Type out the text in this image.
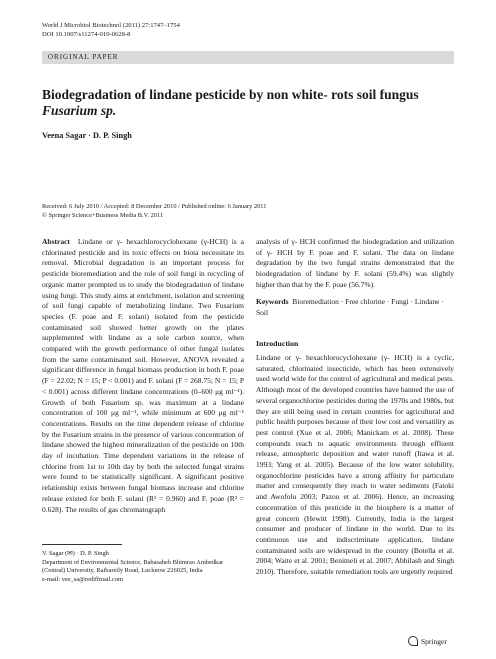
World J Microbiol Biotechnol (2011) 27:1747–1754
DOI 10.1007/s11274-010-0628-8
ORIGINAL PAPER
Biodegradation of lindane pesticide by non white- rots soil fungus
Fusarium sp.
Veena Sagar · D. P. Singh
Received: 6 July 2010 / Accepted: 8 December 2010 / Published online: 6 January 2011
© Springer Science+Business Media B.V. 2011

Abstract Lindane or γ- hexachlorocyclohexane (γ-HCH) is a chlorinated pesticide and its toxic effects on biota necessitate its removal. Microbial degradation is an important process for pesticide bioremediation and the role of soil fungi in recycling of organic matter prompted us to study the biodegradation of lindane using fungi. This study aims at enrichment, isolation and screening of soil fungi capable of metabolizing lindane. Two Fusarium species (F. poae and F. solani) isolated from the pesticide contaminated soil showed better growth on the plates supplemented with lindane as a sole carbon source, when compared with the growth performance of other fungal isolates from the same contaminated soil. However, ANOVA revealed a significant difference in fungal biomass production in both F. poae (F = 22.02; N = 15; P < 0.001) and F. solani (F = 268.75; N = 15; P < 0.001) across different lindane concentrations (0–600 μg ml⁻¹). Growth of both Fusarium sp. was maximum at a lindane concentration of 100 μg ml⁻¹, while minimum at 600 μg ml⁻¹ concentrations. Results on the time dependent release of chlorine by the Fusarium strains in the presence of various concentration of lindane showed the highest mineralization of the pesticide on 10th day of incubation. Time dependent variations in the release of chlorine from 1st to 10th day by both the selected fungal strains were found to be statistically significant. A significant positive relationship exists between fungal biomass increase and chlorine release existed for both F. solani (R² = 0.960) and F. poae (R² = 0.628). The results of gas chromatograph

V. Sagar (✉) · D. P. Singh
Department of Environmental Science, Babasaheb Bhimrao Ambedkar (Central) University, Raibareily Road, Lucknow 226025, India
e-mail: vee_sa@rediffmail.com
analysis of γ- HCH confirmed the biodegradation and utilization of γ- HCH by F. poae and F. solani. The data on lindane degradation by the two fungal strains demonstrated that the biodegradation of lindane by F. solani (59.4%) was slightly higher than that by the F. poae (56.7%).
Keywords Bioremediation · Free chlorine · Fungi · Lindane · Soil
Introduction
Lindane or γ- hexachlorocyclohexane (γ- HCH) is a cyclic, saturated, chlorinated insecticide, which has been extensively used world wide for the control of agricultural and medical pests. Although most of the developed countries have banned the use of several organochlorine pesticides during the 1970s and 1980s, but they are still being used in certain countries for agricultural and public health purposes because of their low cost and versatility as pest control (Xue et al. 2006; Manickam et al. 2008). These compounds reach to aquatic environments through effluent release, atmospheric deposition and water runoff (Itawa et al. 1993; Yang et al. 2005). Because of the low water solubility, organochlorine pesticides have a strong affinity for particulate matter and consequently they reach to water sediments (Fatoki and Awofolu 2003; Pazou et al. 2006). Hence, an increasing concentration of this pesticide in the biosphere is a matter of great concern (Hewitt 1998). Currently, India is the largest consumer and producer of lindane in the world. Due to its continuous use and indiscriminate application, lindane contaminated soils are widespread in the country (Botella et al. 2004; Waite et al. 2001; Benimeli et al. 2007; Abhilash and Singh 2010). Therefore, suitable remediation tools are urgently required
Springer
